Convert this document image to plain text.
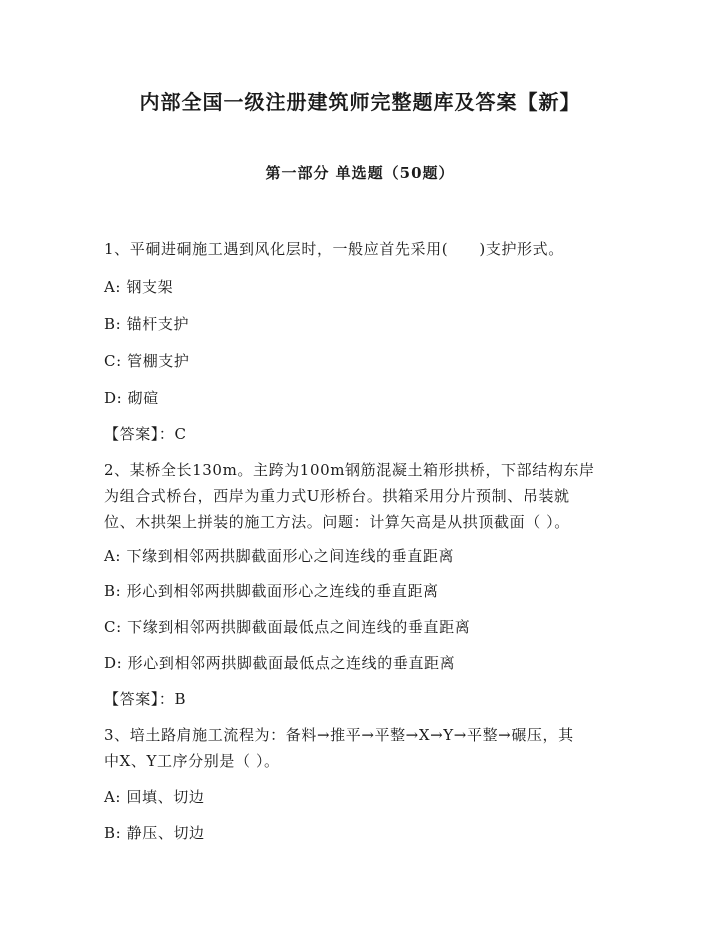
内部全国一级注册建筑师完整题库及答案【新】
第一部分 单选题（50题）
1、平硐进硐施工遇到风化层时，一般应首先采用(　　)支护形式。
A: 钢支架
B: 锚杆支护
C: 管棚支护
D: 砌碹
【答案】：C
2、某桥全长130m。主跨为100m钢筋混凝土箱形拱桥，下部结构东岸
为组合式桥台，西岸为重力式U形桥台。拱箱采用分片预制、吊装就
位、木拱架上拼装的施工方法。问题：计算矢高是从拱顶截面（ ）。
A: 下缘到相邻两拱脚截面形心之间连线的垂直距离
B: 形心到相邻两拱脚截面形心之连线的垂直距离
C: 下缘到相邻两拱脚截面最低点之间连线的垂直距离
D: 形心到相邻两拱脚截面最低点之连线的垂直距离
【答案】：B
3、培土路肩施工流程为：备料→推平→平整→X→Y→平整→碾压，其
中X、Y工序分别是（ ）。
A: 回填、切边
B: 静压、切边
